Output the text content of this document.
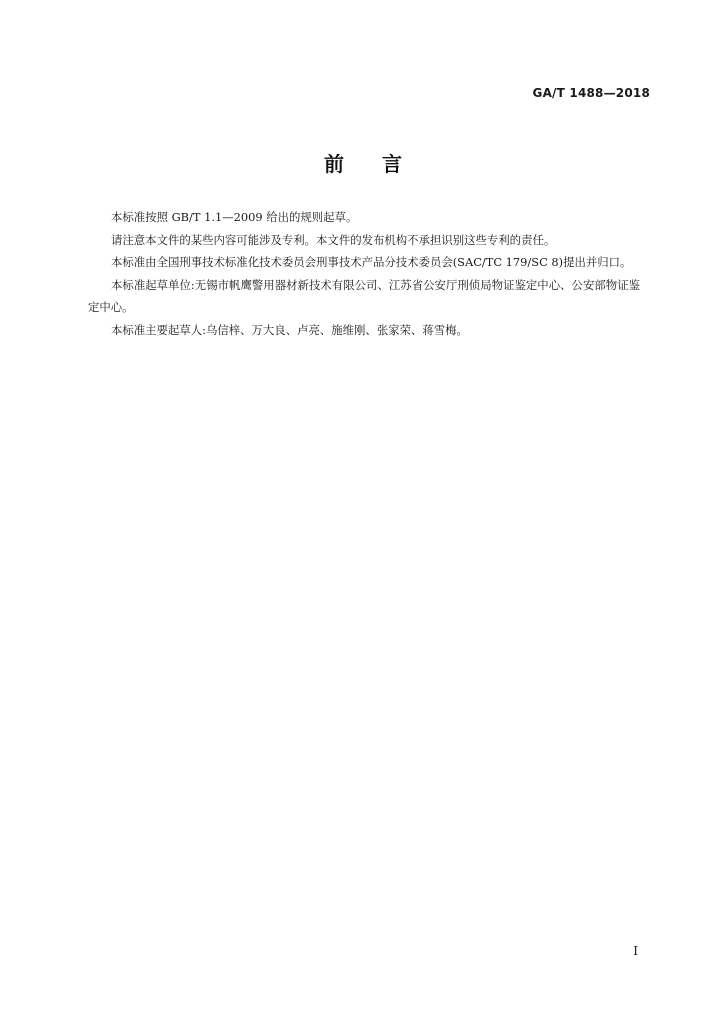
GA/T 1488—2018
前 言

本标准按照 GB/T 1.1—2009 给出的规则起草。

请注意本文件的某些内容可能涉及专利。本文件的发布机构不承担识别这些专利的责任。

本标准由全国刑事技术标准化技术委员会刑事技术产品分技术委员会(SAC/TC 179/SC 8)提出并归口。

本标准起草单位:无锡市帆鹰警用器材新技术有限公司、江苏省公安厅刑侦局物证鉴定中心、公安部物证鉴定中心。

本标准主要起草人:乌信梓、万大良、卢亮、施维刚、张家荣、蒋雪梅。

I
